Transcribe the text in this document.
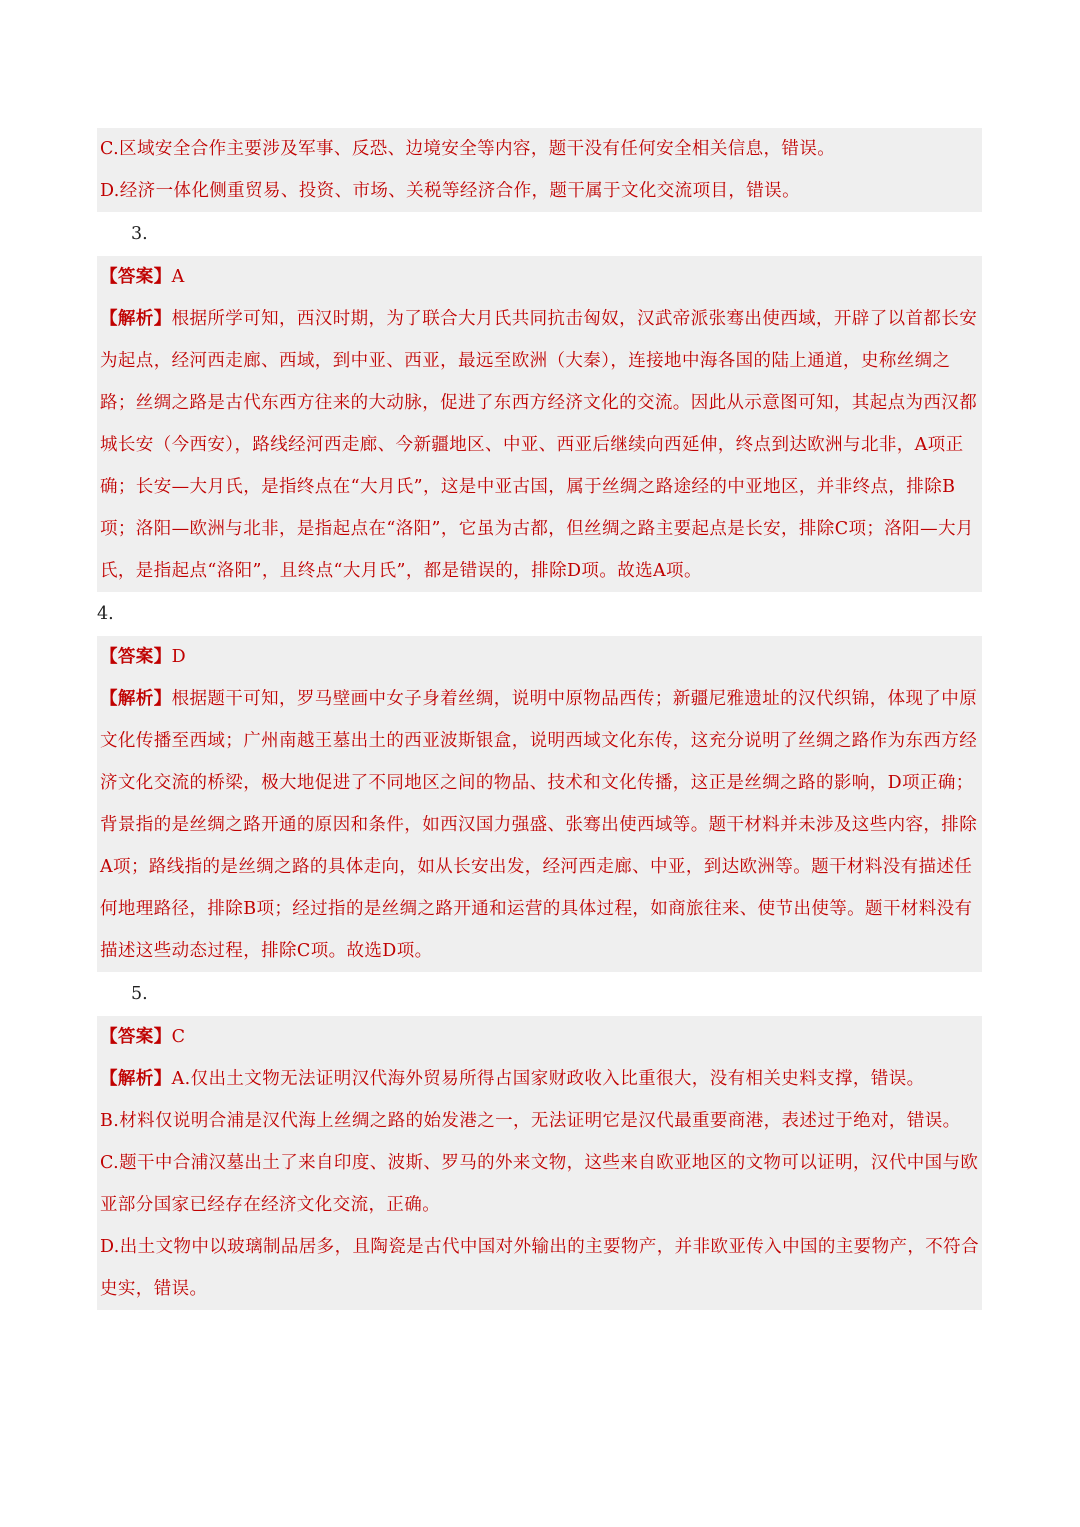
C.区域安全合作主要涉及军事、反恐、边境安全等内容，题干没有任何安全相关信息，错误。

D.经济一体化侧重贸易、投资、市场、关税等经济合作，题干属于文化交流项目，错误。

3.

【答案】A

【解析】根据所学可知，西汉时期，为了联合大月氏共同抗击匈奴，汉武帝派张骞出使西域，开辟了以首都长安为起点，经河西走廊、西域，到中亚、西亚，最远至欧洲（大秦），连接地中海各国的陆上通道，史称丝绸之路；丝绸之路是古代东西方往来的大动脉，促进了东西方经济文化的交流。因此从示意图可知，其起点为西汉都城长安（今西安），路线经河西走廊、今新疆地区、中亚、西亚后继续向西延伸，终点到达欧洲与北非，A项正确；长安—大月氏，是指终点在“大月氏”，这是中亚古国，属于丝绸之路途经的中亚地区，并非终点，排除B项；洛阳—欧洲与北非，是指起点在“洛阳”，它虽为古都，但丝绸之路主要起点是长安，排除C项；洛阳—大月氏，是指起点“洛阳”，且终点“大月氏”，都是错误的，排除D项。故选A项。

4.

【答案】D

【解析】根据题干可知，罗马壁画中女子身着丝绸，说明中原物品西传；新疆尼雅遗址的汉代织锦，体现了中原文化传播至西域；广州南越王墓出土的西亚波斯银盒，说明西域文化东传，这充分说明了丝绸之路作为东西方经济文化交流的桥梁，极大地促进了不同地区之间的物品、技术和文化传播，这正是丝绸之路的影响，D项正确；背景指的是丝绸之路开通的原因和条件，如西汉国力强盛、张骞出使西域等。题干材料并未涉及这些内容，排除A项；路线指的是丝绸之路的具体走向，如从长安出发，经河西走廊、中亚，到达欧洲等。题干材料没有描述任何地理路径，排除B项；经过指的是丝绸之路开通和运营的具体过程，如商旅往来、使节出使等。题干材料没有描述这些动态过程，排除C项。故选D项。

5.

【答案】C

【解析】A.仅出土文物无法证明汉代海外贸易所得占国家财政收入比重很大，没有相关史料支撑，错误。

B.材料仅说明合浦是汉代海上丝绸之路的始发港之一，无法证明它是汉代最重要商港，表述过于绝对，错误。

C.题干中合浦汉墓出土了来自印度、波斯、罗马的外来文物，这些来自欧亚地区的文物可以证明，汉代中国与欧亚部分国家已经存在经济文化交流，正确。

D.出土文物中以玻璃制品居多，且陶瓷是古代中国对外输出的主要物产，并非欧亚传入中国的主要物产，不符合史实，错误。
